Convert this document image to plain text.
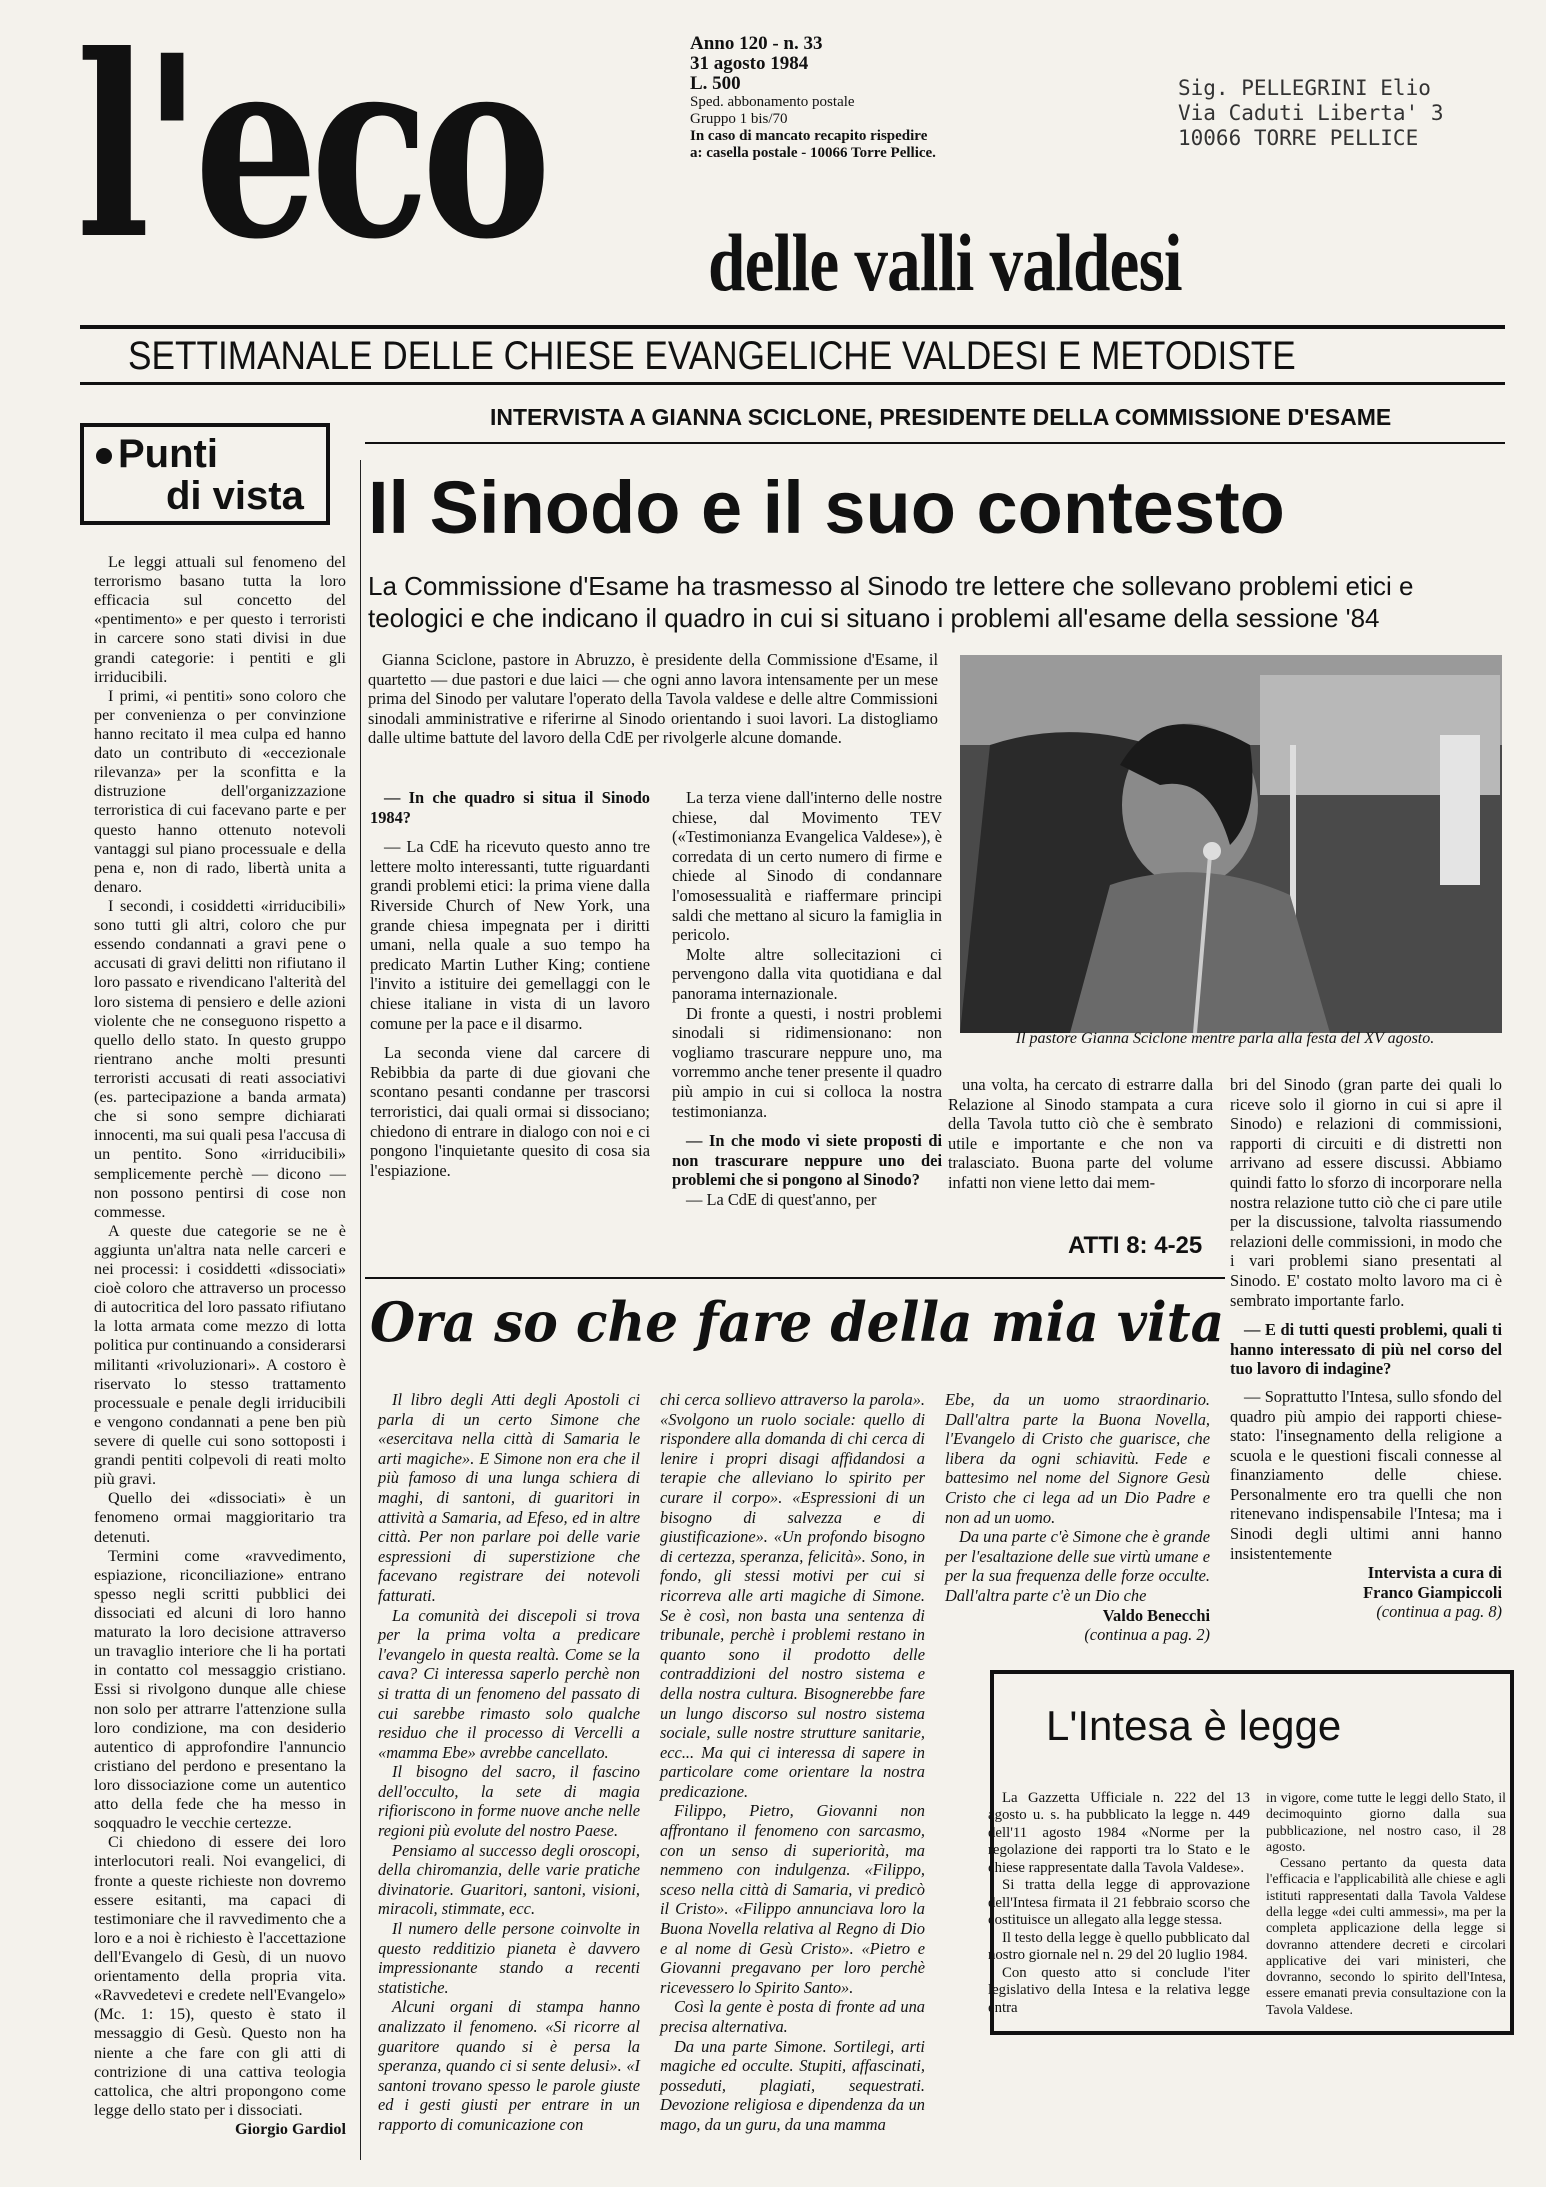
l'eco	Anno 120 - n. 33
31 agosto 1984
L. 500
Sped. abbonamento postale
Gruppo 1 bis/70
In caso di mancato recapito rispedire
a: casella postale - 10066 Torre Pellice.
Sig. PELLEGRINI Elio
Via Caduti Liberta' 3
10066 TORRE PELLICE
delle valli valdesi
SETTIMANALE DELLE CHIESE EVANGELICHE VALDESI E METODISTE
Punti
di vista

Le leggi attuali sul fenomeno del terrorismo basano tutta la loro efficacia sul concetto del «pentimento» e per questo i terroristi in carcere sono stati divisi in due grandi categorie: i pentiti e gli irriducibili.

I primi, «i pentiti» sono coloro che per convenienza o per convinzione hanno recitato il mea culpa ed hanno dato un contributo di «eccezionale rilevanza» per la sconfitta e la distruzione dell'organizzazione terroristica di cui facevano parte e per questo hanno ottenuto notevoli vantaggi sul piano processuale e della pena e, non di rado, libertà unita a denaro.

I secondi, i cosiddetti «irriducibili» sono tutti gli altri, coloro che pur essendo condannati a gravi pene o accusati di gravi delitti non rifiutano il loro passato e rivendicano l'alterità del loro sistema di pensiero e delle azioni violente che ne conseguono rispetto a quello dello stato. In questo gruppo rientrano anche molti presunti terroristi accusati di reati associativi (es. partecipazione a banda armata) che si sono sempre dichiarati innocenti, ma sui quali pesa l'accusa di un pentito. Sono «irriducibili» semplicemente perchè — dicono — non possono pentirsi di cose non commesse.

A queste due categorie se ne è aggiunta un'altra nata nelle carceri e nei processi: i cosiddetti «dissociati» cioè coloro che attraverso un processo di autocritica del loro passato rifiutano la lotta armata come mezzo di lotta politica pur continuando a considerarsi militanti «rivoluzionari». A costoro è riservato lo stesso trattamento processuale e penale degli irriducibili e vengono condannati a pene ben più severe di quelle cui sono sottoposti i grandi pentiti colpevoli di reati molto più gravi.

Quello dei «dissociati» è un fenomeno ormai maggioritario tra detenuti.

Termini come «ravvedimento, espiazione, riconciliazione» entrano spesso negli scritti pubblici dei dissociati ed alcuni di loro hanno maturato la loro decisione attraverso un travaglio interiore che li ha portati in contatto col messaggio cristiano. Essi si rivolgono dunque alle chiese non solo per attrarre l'attenzione sulla loro condizione, ma con desiderio autentico di approfondire l'annuncio cristiano del perdono e presentano la loro dissociazione come un autentico atto della fede che ha messo in soqquadro le vecchie certezze.

Ci chiedono di essere dei loro interlocutori reali. Noi evangelici, di fronte a queste richieste non dovremo essere esitanti, ma capaci di testimoniare che il ravvedimento che a loro e a noi è richiesto è l'accettazione dell'Evangelo di Gesù, di un nuovo orientamento della propria vita. «Ravvedetevi e credete nell'Evangelo» (Mc. 1: 15), questo è stato il messaggio di Gesù. Questo non ha niente a che fare con gli atti di contrizione di una cattiva teologia cattolica, che altri propongono come legge dello stato per i dissociati.

Giorgio Gardiol

INTERVISTA A GIANNA SCICLONE, PRESIDENTE DELLA COMMISSIONE D'ESAME
Il Sinodo e il suo contesto
La Commissione d'Esame ha trasmesso al Sinodo tre lettere che sollevano problemi etici e teologici e che indicano il quadro in cui si situano i problemi all'esame della sessione '84

Gianna Sciclone, pastore in Abruzzo, è presidente della Commissione d'Esame, il quartetto — due pastori e due laici — che ogni anno lavora intensamente per un mese prima del Sinodo per valutare l'operato della Tavola valdese e delle altre Commissioni sinodali amministrative e riferirne al Sinodo orientando i suoi lavori. La distogliamo dalle ultime battute del lavoro della CdE per rivolgerle alcune domande.

— In che quadro si situa il Sinodo 1984?

— La CdE ha ricevuto questo anno tre lettere molto interessanti, tutte riguardanti grandi problemi etici: la prima viene dalla Riverside Church of New York, una grande chiesa impegnata per i diritti umani, nella quale a suo tempo ha predicato Martin Luther King; contiene l'invito a istituire dei gemellaggi con le chiese italiane in vista di un lavoro comune per la pace e il disarmo.

La seconda viene dal carcere di Rebibbia da parte di due giovani che scontano pesanti condanne per trascorsi terroristici, dai quali ormai si dissociano; chiedono di entrare in dialogo con noi e ci pongono l'inquietante quesito di cosa sia l'espiazione.

La terza viene dall'interno delle nostre chiese, dal Movimento TEV («Testimonianza Evangelica Valdese»), è corredata di un certo numero di firme e chiede al Sinodo di condannare l'omosessualità e riaffermare principi saldi che mettano al sicuro la famiglia in pericolo.

Molte altre sollecitazioni ci pervengono dalla vita quotidiana e dal panorama internazionale.

Di fronte a questi, i nostri problemi sinodali si ridimensionano: non vogliamo trascurare neppure uno, ma vorremmo anche tener presente il quadro più ampio in cui si colloca la nostra testimonianza.

— In che modo vi siete proposti di non trascurare neppure uno dei problemi che si pongono al Sinodo?

— La CdE di quest'anno, per

Il pastore Gianna Sciclone mentre parla alla festa del XV agosto.

una volta, ha cercato di estrarre dalla Relazione al Sinodo stampata a cura della Tavola tutto ciò che è sembrato utile e importante e che non va tralasciato. Buona parte del volume infatti non viene letto dai mem-

bri del Sinodo (gran parte dei quali lo riceve solo il giorno in cui si apre il Sinodo) e relazioni di commissioni, rapporti di circuiti e di distretti non arrivano ad essere discussi. Abbiamo quindi fatto lo sforzo di incorporare nella nostra relazione tutto ciò che ci pare utile per la discussione, talvolta riassumendo relazioni delle commissioni, in modo che i vari problemi siano presentati al Sinodo. E' costato molto lavoro ma ci è sembrato importante farlo.

— E di tutti questi problemi, quali ti hanno interessato di più nel corso del tuo lavoro di indagine?

— Soprattutto l'Intesa, sullo sfondo del quadro più ampio dei rapporti chiese-stato: l'insegnamento della religione a scuola e le questioni fiscali connesse al finanziamento delle chiese. Personalmente ero tra quelli che non ritenevano indispensabile l'Intesa; ma i Sinodi degli ultimi anni hanno insistentemente

Intervista a cura di

Franco Giampiccoli

(continua a pag. 8)

ATTI 8: 4-25
Ora so che fare della mia vita

Il libro degli Atti degli Apostoli ci parla di un certo Simone che «esercitava nella città di Samaria le arti magiche». E Simone non era che il più famoso di una lunga schiera di maghi, di santoni, di guaritori in attività a Samaria, ad Efeso, ed in altre città. Per non parlare poi delle varie espressioni di superstizione che facevano registrare dei notevoli fatturati.

La comunità dei discepoli si trova per la prima volta a predicare l'evangelo in questa realtà. Come se la cava? Ci interessa saperlo perchè non si tratta di un fenomeno del passato di cui sarebbe rimasto solo qualche residuo che il processo di Vercelli a «mamma Ebe» avrebbe cancellato.

Il bisogno del sacro, il fascino dell'occulto, la sete di magia rifioriscono in forme nuove anche nelle regioni più evolute del nostro Paese.

Pensiamo al successo degli oroscopi, della chiromanzia, delle varie pratiche divinatorie. Guaritori, santoni, visioni, miracoli, stimmate, ecc.

Il numero delle persone coinvolte in questo redditizio pianeta è davvero impressionante stando a recenti statistiche.

Alcuni organi di stampa hanno analizzato il fenomeno. «Si ricorre al guaritore quando si è persa la speranza, quando ci si sente delusi». «I santoni trovano spesso le parole giuste ed i gesti giusti per entrare in un rapporto di comunicazione con

chi cerca sollievo attraverso la parola». «Svolgono un ruolo sociale: quello di rispondere alla domanda di chi cerca di lenire i propri disagi affidandosi a terapie che alleviano lo spirito per curare il corpo». «Espressioni di un bisogno di salvezza e di giustificazione». «Un profondo bisogno di certezza, speranza, felicità». Sono, in fondo, gli stessi motivi per cui si ricorreva alle arti magiche di Simone. Se è così, non basta una sentenza di tribunale, perchè i problemi restano in quanto sono il prodotto delle contraddizioni del nostro sistema e della nostra cultura. Bisognerebbe fare un lungo discorso sul nostro sistema sociale, sulle nostre strutture sanitarie, ecc... Ma qui ci interessa di sapere in particolare come orientare la nostra predicazione.

Filippo, Pietro, Giovanni non affrontano il fenomeno con sarcasmo, con un senso di superiorità, ma nemmeno con indulgenza. «Filippo, sceso nella città di Samaria, vi predicò il Cristo». «Filippo annunciava loro la Buona Novella relativa al Regno di Dio e al nome di Gesù Cristo». «Pietro e Giovanni pregavano per loro perchè ricevessero lo Spirito Santo».

Così la gente è posta di fronte ad una precisa alternativa.

Da una parte Simone. Sortilegi, arti magiche ed occulte. Stupiti, affascinati, posseduti, plagiati, sequestrati. Devozione religiosa e dipendenza da un mago, da un guru, da una mamma

Ebe, da un uomo straordinario. Dall'altra parte la Buona Novella, l'Evangelo di Cristo che guarisce, che libera da ogni schiavitù. Fede e battesimo nel nome del Signore Gesù Cristo che ci lega ad un Dio Padre e non ad un uomo.

Da una parte c'è Simone che è grande per l'esaltazione delle sue virtù umane e per la sua frequenza delle forze occulte. Dall'altra parte c'è un Dio che

Valdo Benecchi

(continua a pag. 2)

L'Intesa è legge

La Gazzetta Ufficiale n. 222 del 13 agosto u. s. ha pubblicato la legge n. 449 dell'11 agosto 1984 «Norme per la regolazione dei rapporti tra lo Stato e le chiese rappresentate dalla Tavola Valdese».

Si tratta della legge di approvazione dell'Intesa firmata il 21 febbraio scorso che costituisce un allegato alla legge stessa.

Il testo della legge è quello pubblicato dal nostro giornale nel n. 29 del 20 luglio 1984.

Con questo atto si conclude l'iter legislativo della Intesa e la relativa legge entra

in vigore, come tutte le leggi dello Stato, il decimoquinto giorno dalla sua pubblicazione, nel nostro caso, il 28 agosto.

Cessano pertanto da questa data l'efficacia e l'applicabilità alle chiese e agli istituti rappresentati dalla Tavola Valdese della legge «dei culti ammessi», ma per la completa applicazione della legge si dovranno attendere decreti e circolari applicative dei vari ministeri, che dovranno, secondo lo spirito dell'Intesa, essere emanati previa consultazione con la Tavola Valdese.
